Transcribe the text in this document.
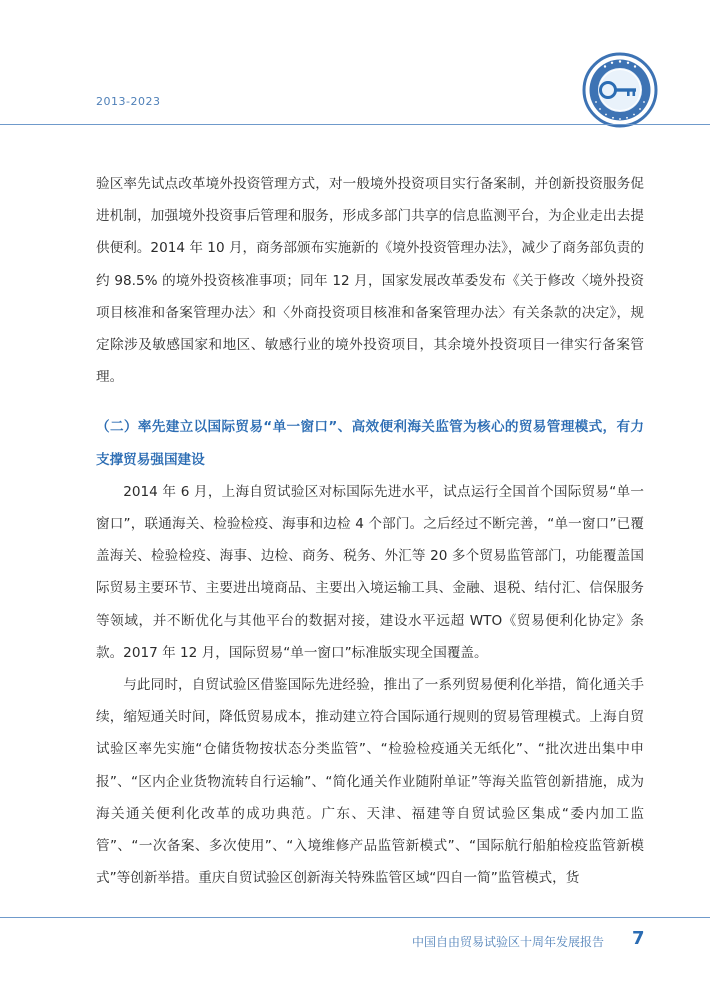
2013-2023

验区率先试点改革境外投资管理方式，对一般境外投资项目实行备案制，并创新投资服务促进机制，加强境外投资事后管理和服务，形成多部门共享的信息监测平台，为企业走出去提供便利。2014 年 10 月，商务部颁布实施新的《境外投资管理办法》，减少了商务部负责的约 98.5% 的境外投资核准事项；同年 12 月，国家发展改革委发布《关于修改〈境外投资项目核准和备案管理办法〉和〈外商投资项目核准和备案管理办法〉有关条款的决定》，规定除涉及敏感国家和地区、敏感行业的境外投资项目，其余境外投资项目一律实行备案管理。

（二）率先建立以国际贸易“单一窗口”、高效便利海关监管为核心的贸易管理模式，有力支撑贸易强国建设

2014 年 6 月，上海自贸试验区对标国际先进水平，试点运行全国首个国际贸易“单一窗口”，联通海关、检验检疫、海事和边检 4 个部门。之后经过不断完善，“单一窗口”已覆盖海关、检验检疫、海事、边检、商务、税务、外汇等 20 多个贸易监管部门，功能覆盖国际贸易主要环节、主要进出境商品、主要出入境运输工具、金融、退税、结付汇、信保服务等领域，并不断优化与其他平台的数据对接，建设水平远超 WTO《贸易便利化协定》条款。2017 年 12 月，国际贸易“单一窗口”标准版实现全国覆盖。

与此同时，自贸试验区借鉴国际先进经验，推出了一系列贸易便利化举措，简化通关手续，缩短通关时间，降低贸易成本，推动建立符合国际通行规则的贸易管理模式。上海自贸试验区率先实施“仓储货物按状态分类监管”、“检验检疫通关无纸化”、“批次进出集中申报”、“区内企业货物流转自行运输”、“简化通关作业随附单证”等海关监管创新措施，成为海关通关便利化改革的成功典范。广东、天津、福建等自贸试验区集成“委内加工监管”、“一次备案、多次使用”、“入境维修产品监管新模式”、“国际航行船舶检疫监管新模式”等创新举措。重庆自贸试验区创新海关特殊监管区域“四自一简”监管模式，货

中国自由贸易试验区十周年发展报告 7
